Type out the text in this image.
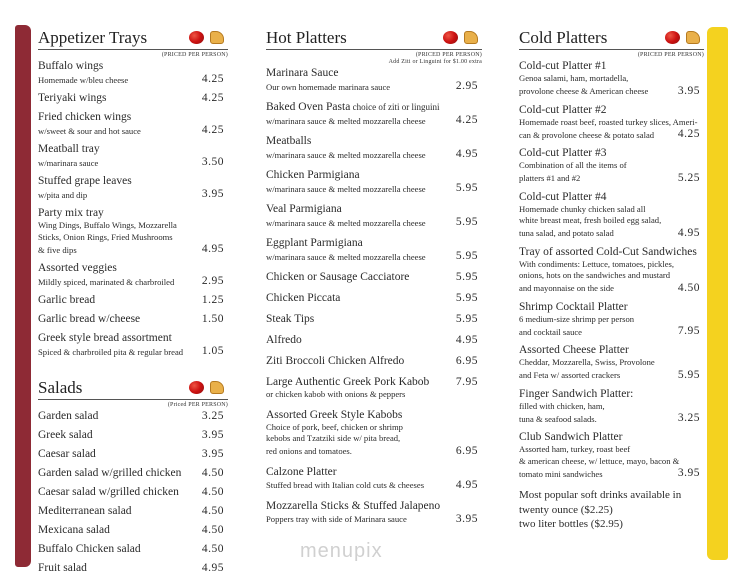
Appetizer Trays
(PRICED PER PERSON)
Buffalo wings
Homemade w/bleu cheese	4.25
Teriyaki wings	4.25
Fried chicken wings
w/sweet & sour and hot sauce	4.25
Meatball tray
w/marinara sauce	3.50
Stuffed grape leaves
w/pita and dip	3.95
Party mix tray
Wing Dings, Buffalo Wings, Mozzarella
Sticks, Onion Rings, Fried Mushrooms
& five dips	4.95
Assorted veggies
Mildly spiced, marinated & charbroiled	2.95
Garlic bread	1.25
Garlic bread w/cheese	1.50
Greek style bread assortment
Spiced & charbroiled pita & regular bread	1.05
Salads
(Priced PER PERSON)
Garden salad	3.25
Greek salad	3.95
Caesar salad	3.95
Garden salad w/grilled chicken	4.50
Caesar salad w/grilled chicken	4.50
Mediterranean salad	4.50
Mexicana salad	4.50
Buffalo Chicken salad	4.50
Fruit salad	4.95
Hot Platters
(PRICED PER PERSON)
Add Ziti or Linguini for $1.00 extra
Marinara Sauce
Our own homemade marinara sauce	2.95
Baked Oven Pasta choice of ziti or linguini
w/marinara sauce & melted mozzarella cheese	4.25
Meatballs
w/marinara sauce & melted mozzarella cheese	4.95
Chicken Parmigiana
w/marinara sauce & melted mozzarella cheese	5.95
Veal Parmigiana
w/marinara sauce & melted mozzarella cheese	5.95
Eggplant Parmigiana
w/marinara sauce & melted mozzarella cheese	5.95
Chicken or Sausage Cacciatore	5.95
Chicken Piccata	5.95
Steak Tips	5.95
Alfredo	4.95
Ziti Broccoli Chicken Alfredo	6.95
Large Authentic Greek Pork Kabob	7.95
or chicken kabob with onions & peppers
Assorted Greek Style Kabobs
Choice of pork, beef, chicken or shrimp
kebobs and Tzatziki side w/ pita bread,
red onions and tomatoes.	6.95
Calzone Platter
Stuffed bread with Italian cold cuts & cheeses	4.95
Mozzarella Sticks & Stuffed Jalapeno
Poppers tray with side of Marinara sauce	3.95
Cold Platters
(PRICED PER PERSON)
Cold-cut Platter #1
Genoa salami, ham, mortadella,
provolone cheese & American cheese	3.95
Cold-cut Platter #2
Homemade roast beef, roasted turkey slices, Ameri-
can & provolone cheese & potato salad	4.25
Cold-cut Platter #3
Combination of all the items of
platters #1 and #2	5.25
Cold-cut Platter #4
Homemade chunky chicken salad all
white breast meat, fresh boiled egg salad,
tuna salad, and potato salad	4.95
Tray of assorted Cold-Cut Sandwiches
With condiments: Lettuce, tomatoes, pickles,
onions, hots on the sandwiches and mustard
and mayonnaise on the side	4.50
Shrimp Cocktail Platter
6 medium-size shrimp per person
and cocktail sauce	7.95
Assorted Cheese Platter
Cheddar, Mozzarella, Swiss, Provolone
and Feta w/ assorted crackers	5.95
Finger Sandwich Platter:
filled with chicken, ham,
tuna & seafood salads.	3.25
Club Sandwich Platter
Assorted ham, turkey, roast beef
& american cheese, w/ lettuce, mayo, bacon &
tomato mini sandwiches	3.95
Most popular soft drinks available in
twenty ounce ($2.25)
two liter bottles ($2.95)
menupix
